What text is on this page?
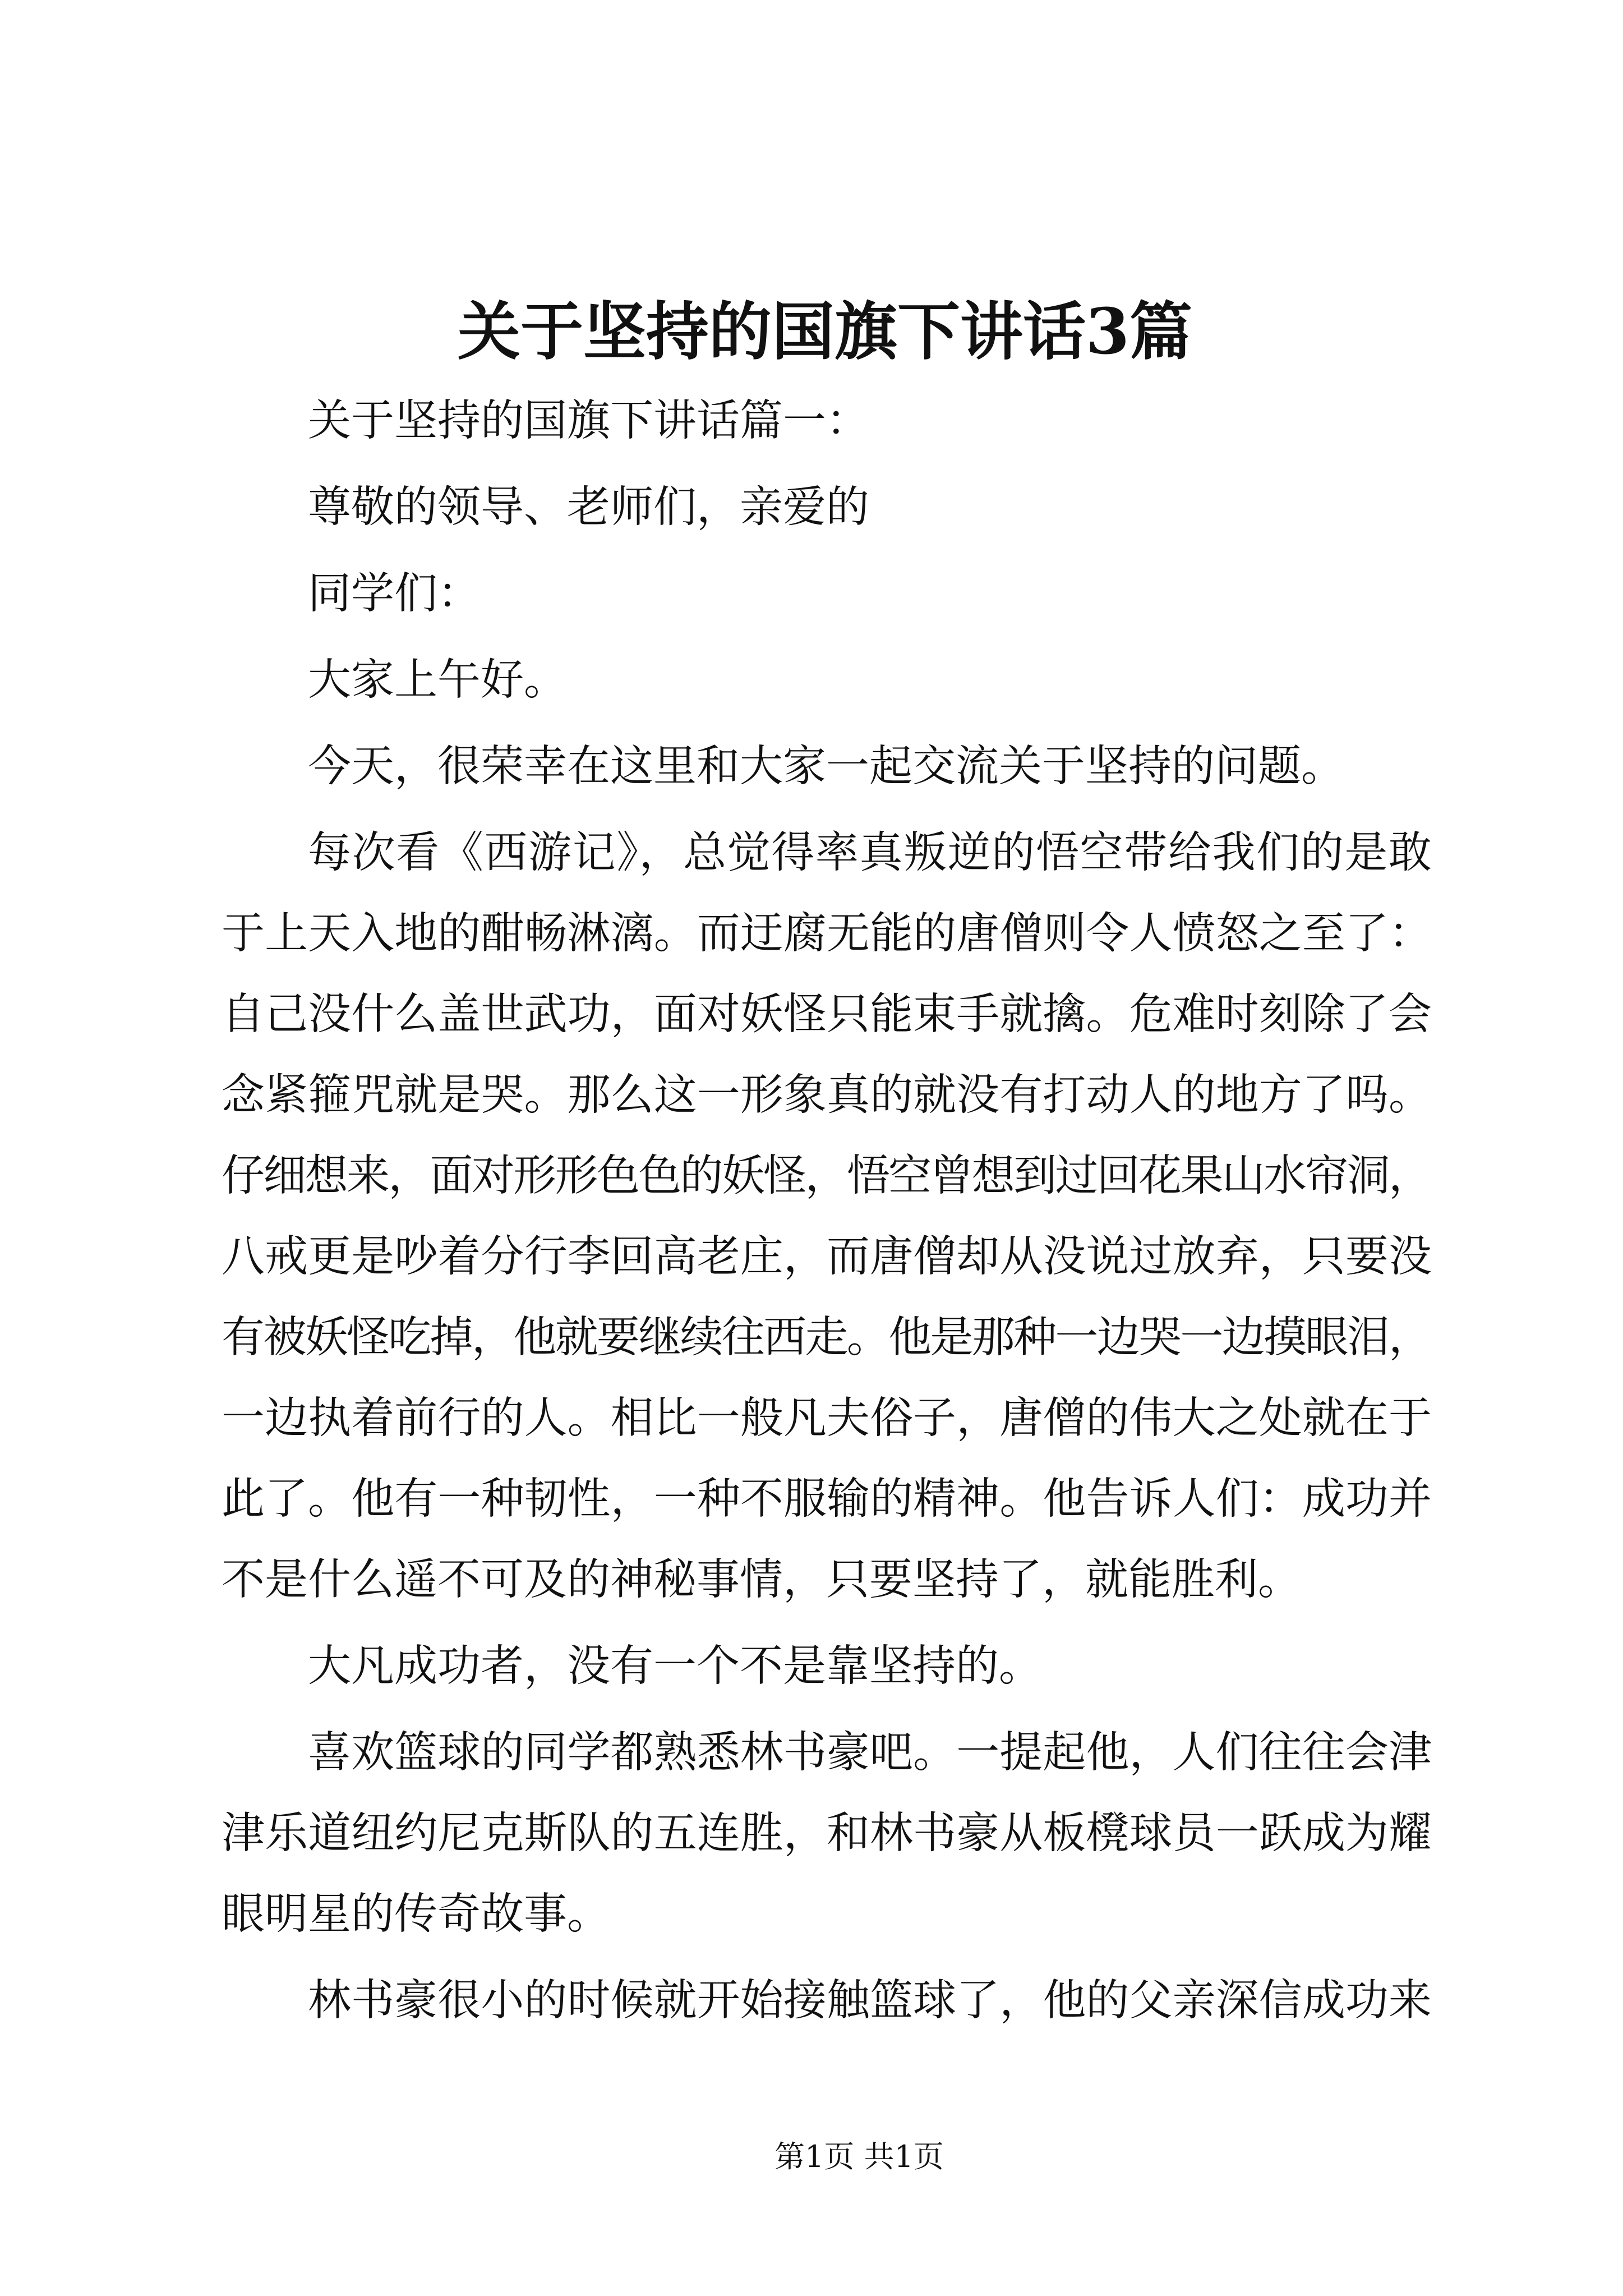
关于坚持的国旗下讲话3篇
关于坚持的国旗下讲话篇一：
尊敬的领导、老师们，亲爱的
同学们：
大家上午好。
今天，很荣幸在这里和大家一起交流关于坚持的问题。
每次看《西游记》，总觉得率真叛逆的悟空带给我们的是敢
于上天入地的酣畅淋漓。而迂腐无能的唐僧则令人愤怒之至了：
自己没什么盖世武功，面对妖怪只能束手就擒。危难时刻除了会
念紧箍咒就是哭。那么这一形象真的就没有打动人的地方了吗。
仔细想来，面对形形色色的妖怪，悟空曾想到过回花果山水帘洞，
八戒更是吵着分行李回高老庄，而唐僧却从没说过放弃，只要没
有被妖怪吃掉，他就要继续往西走。他是那种一边哭一边摸眼泪，
一边执着前行的人。相比一般凡夫俗子，唐僧的伟大之处就在于
此了。他有一种韧性，一种不服输的精神。他告诉人们：成功并
不是什么遥不可及的神秘事情，只要坚持了，就能胜利。
大凡成功者，没有一个不是靠坚持的。
喜欢篮球的同学都熟悉林书豪吧。一提起他，人们往往会津
津乐道纽约尼克斯队的五连胜，和林书豪从板櫈球员一跃成为耀
眼明星的传奇故事。
林书豪很小的时候就开始接触篮球了，他的父亲深信成功来
第1页 共1页
